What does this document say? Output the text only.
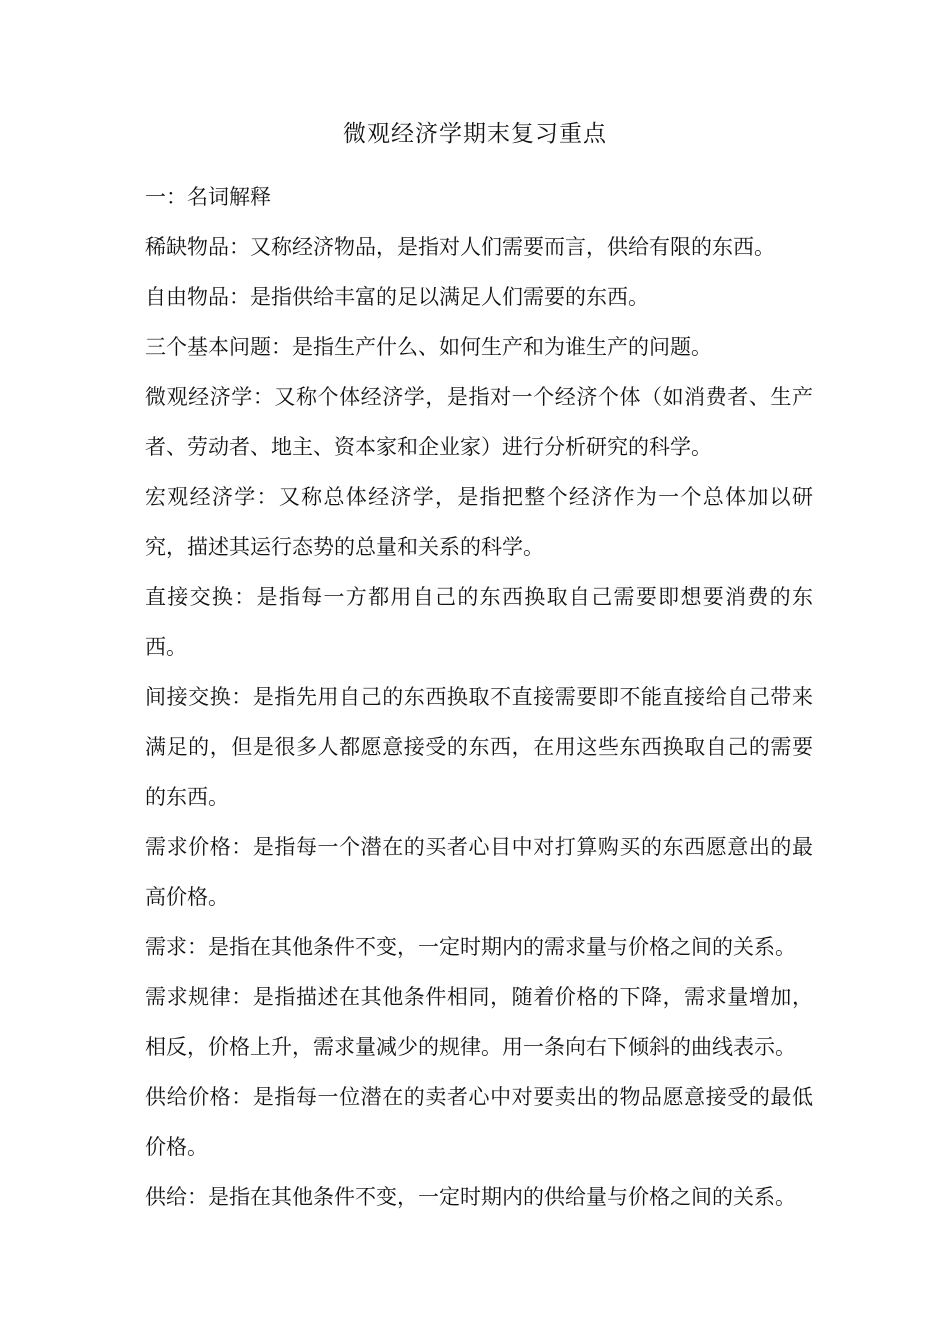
微观经济学期末复习重点

一：名词解释

稀缺物品：又称经济物品，是指对人们需要而言，供给有限的东西。

自由物品：是指供给丰富的足以满足人们需要的东西。

三个基本问题：是指生产什么、如何生产和为谁生产的问题。

微观经济学：又称个体经济学，是指对一个经济个体（如消费者、生产者、劳动者、地主、资本家和企业家）进行分析研究的科学。

宏观经济学：又称总体经济学，是指把整个经济作为一个总体加以研究，描述其运行态势的总量和关系的科学。

直接交换：是指每一方都用自己的东西换取自己需要即想要消费的东西。

间接交换：是指先用自己的东西换取不直接需要即不能直接给自己带来满足的，但是很多人都愿意接受的东西，在用这些东西换取自己的需要的东西。

需求价格：是指每一个潜在的买者心目中对打算购买的东西愿意出的最高价格。

需求：是指在其他条件不变，一定时期内的需求量与价格之间的关系。

需求规律：是指描述在其他条件相同，随着价格的下降，需求量增加，相反，价格上升，需求量减少的规律。用一条向右下倾斜的曲线表示。

供给价格：是指每一位潜在的卖者心中对要卖出的物品愿意接受的最低价格。

供给：是指在其他条件不变，一定时期内的供给量与价格之间的关系。
